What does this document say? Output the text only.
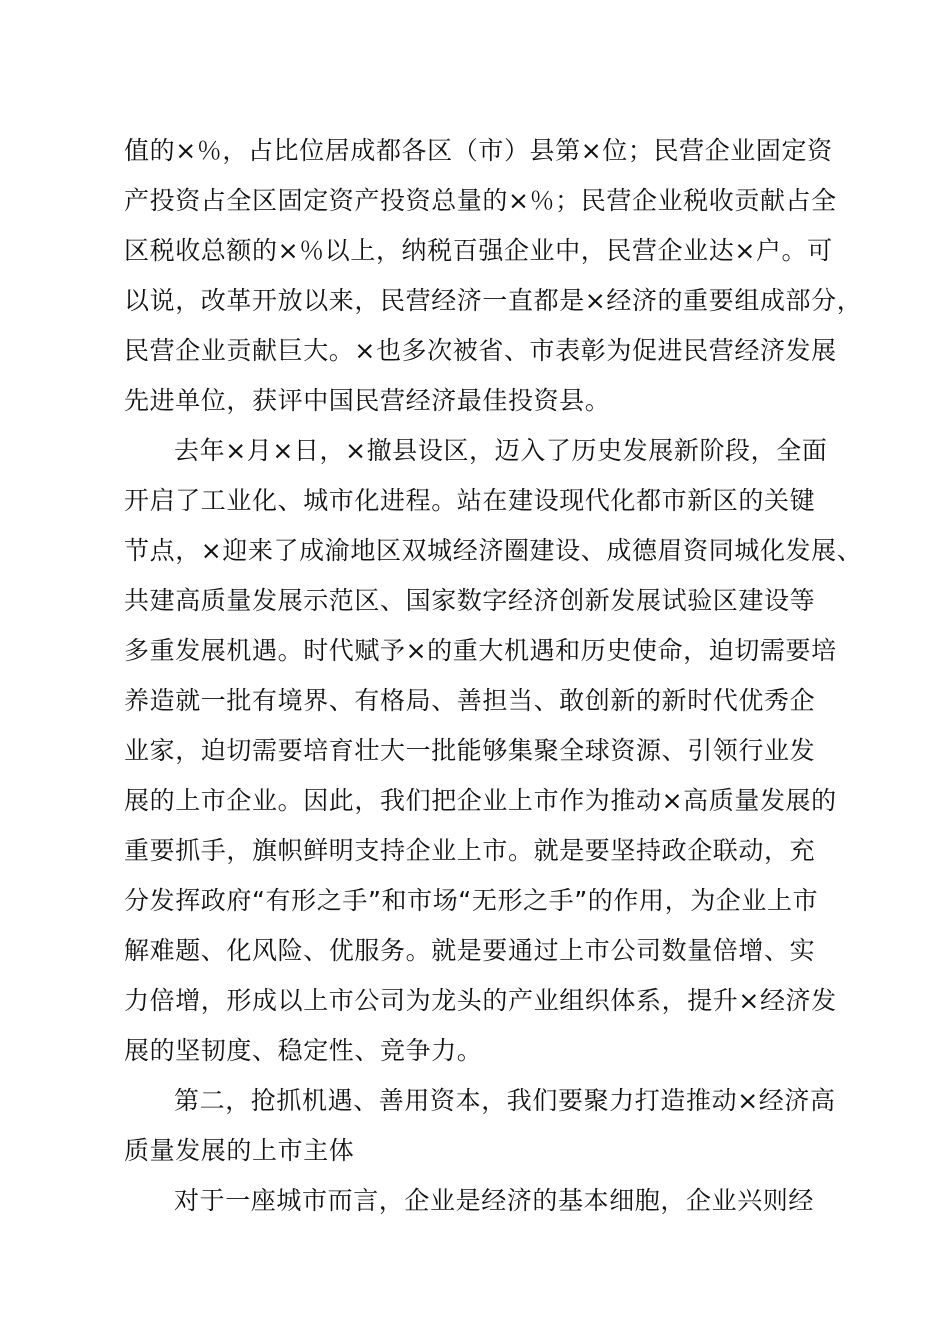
值的×％，占比位居成都各区（市）县第×位；民营企业固定资
产投资占全区固定资产投资总量的×％；民营企业税收贡献占全
区税收总额的×％以上，纳税百强企业中，民营企业达×户。可
以说，改革开放以来，民营经济一直都是×经济的重要组成部分，
民营企业贡献巨大。×也多次被省、市表彰为促进民营经济发展
先进单位，获评中国民营经济最佳投资县。
去年×月×日，×撤县设区，迈入了历史发展新阶段，全面
开启了工业化、城市化进程。站在建设现代化都市新区的关键
节点，×迎来了成渝地区双城经济圈建设、成德眉资同城化发展、
共建高质量发展示范区、国家数字经济创新发展试验区建设等
多重发展机遇。时代赋予×的重大机遇和历史使命，迫切需要培
养造就一批有境界、有格局、善担当、敢创新的新时代优秀企
业家，迫切需要培育壮大一批能够集聚全球资源、引领行业发
展的上市企业。因此，我们把企业上市作为推动×高质量发展的
重要抓手，旗帜鲜明支持企业上市。就是要坚持政企联动，充
分发挥政府“有形之手”和市场“无形之手”的作用，为企业上市
解难题、化风险、优服务。就是要通过上市公司数量倍增、实
力倍增，形成以上市公司为龙头的产业组织体系，提升×经济发
展的坚韧度、稳定性、竞争力。
第二，抢抓机遇、善用资本，我们要聚力打造推动×经济高
质量发展的上市主体
对于一座城市而言，企业是经济的基本细胞，企业兴则经
